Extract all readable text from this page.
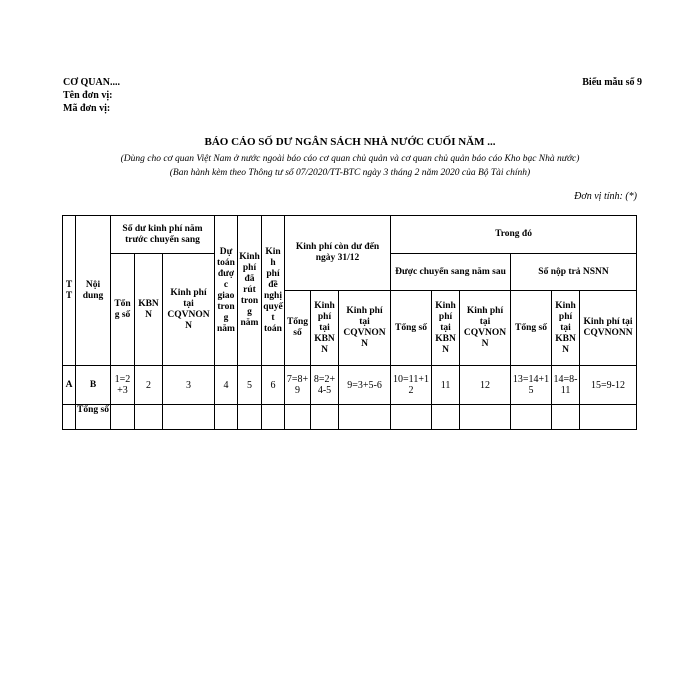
CƠ QUAN....
Tên đơn vị:
Mã đơn vị:
Biểu mẫu số 9
BÁO CÁO SỐ DƯ NGÂN SÁCH NHÀ NƯỚC CUỐI NĂM ...
(Dùng cho cơ quan Việt Nam ở nước ngoài báo cáo cơ quan chủ quản và cơ quan chủ quản báo cáo Kho bạc Nhà nước)
(Ban hành kèm theo Thông tư số 07/2020/TT-BTC ngày 3 tháng 2 năm 2020 của Bộ Tài chính)
Đơn vị tính: (*)
TT	Nội dung	Số dư kinh phí năm trước chuyển sang			Dự toán được giao trong năm	Kinh phí đã rút trong năm	Kinh phí đề nghị quyết toán	Kinh phí còn dư đến ngày 31/12			Trong đó					
		Tổng số	KBNN	Kinh phí tại CQVNONN							Được chuyển sang năm sau			Số nộp trả NSNN		
								Tổng số	Kinh phí tại KBNN	Kinh phí tại CQVNONN	Tổng số	Kinh phí tại KBNN	Kinh phí tại CQVNONN	Tổng số	Kinh phí tại KBNN	Kinh phí tại CQVNONN
A	B	1=2+3	2	3	4	5	6	7=8+9	8=2+4-5	9=3+5-6	10=11+12	11	12	13=14+15	14=8-11	15=9-12
	Tổng số															
